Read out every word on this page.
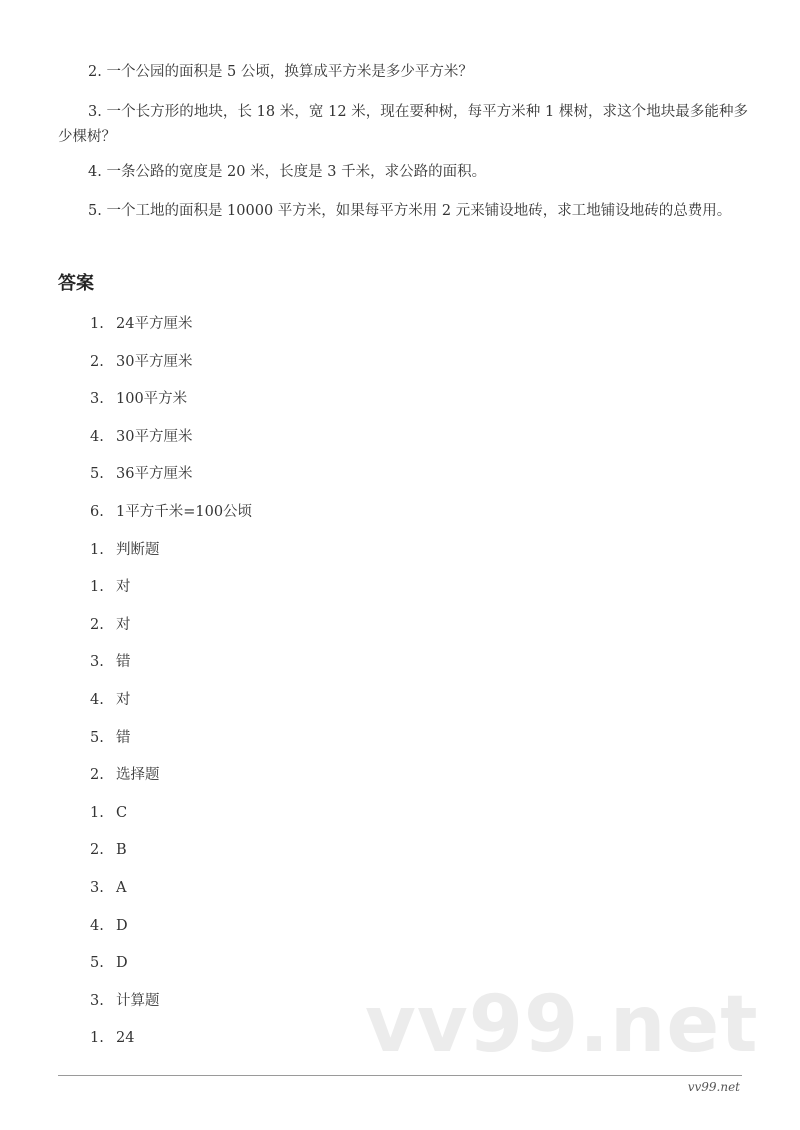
2. 一个公园的面积是 5 公顷，换算成平方米是多少平方米？

3. 一个长方形的地块，长 18 米，宽 12 米，现在要种树，每平方米种 1 棵树，求这个地块最多能种多少棵树？

4. 一条公路的宽度是 20 米，长度是 3 千米，求公路的面积。

5. 一个工地的面积是 10000 平方米，如果每平方米用 2 元来铺设地砖，求工地铺设地砖的总费用。

答案
1. 24平方厘米
2. 30平方厘米
3. 100平方米
4. 30平方厘米
5. 36平方厘米
6. 1平方千米=100公顷
1. 判断题
1. 对
2. 对
3. 错
4. 对
5. 错
2. 选择题
1. C
2. B
3. A
4. D
5. D
3. 计算题
1. 24	vv99.net
vv99.net
